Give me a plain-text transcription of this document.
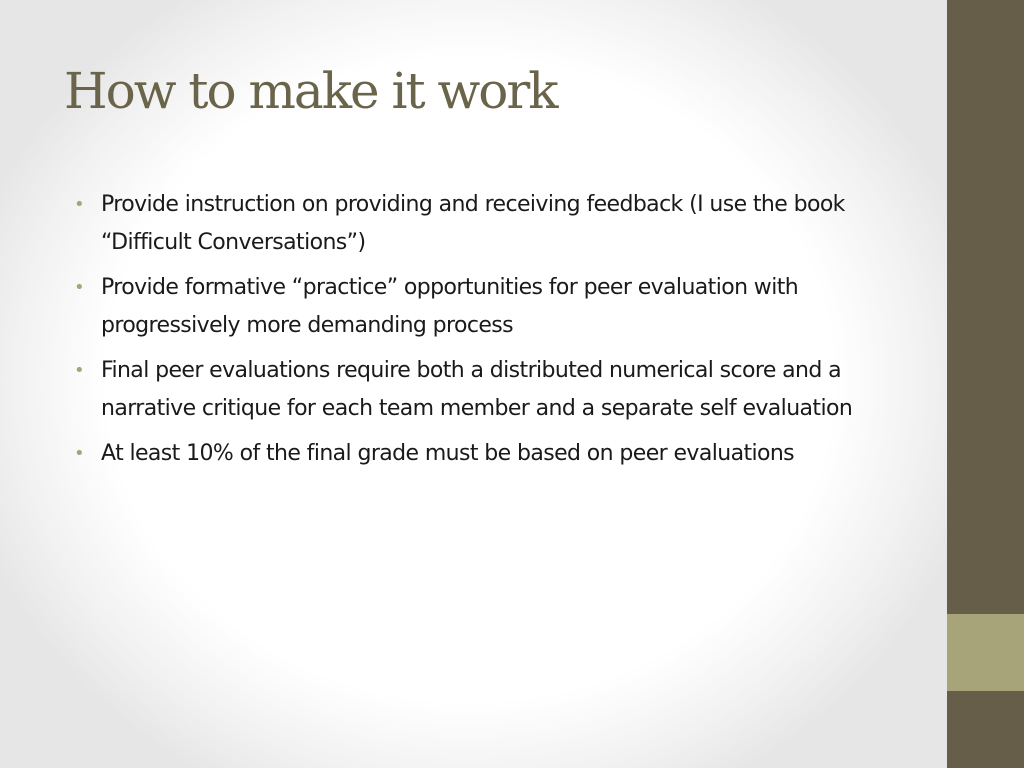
How to make it work
• Provide instruction on providing and receiving feedback (I use the book “Difficult Conversations”)
• Provide formative “practice” opportunities for peer evaluation with progressively more demanding process
• Final peer evaluations require both a distributed numerical score and a narrative critique for each team member and a separate self evaluation
• At least 10% of the final grade must be based on peer evaluations
